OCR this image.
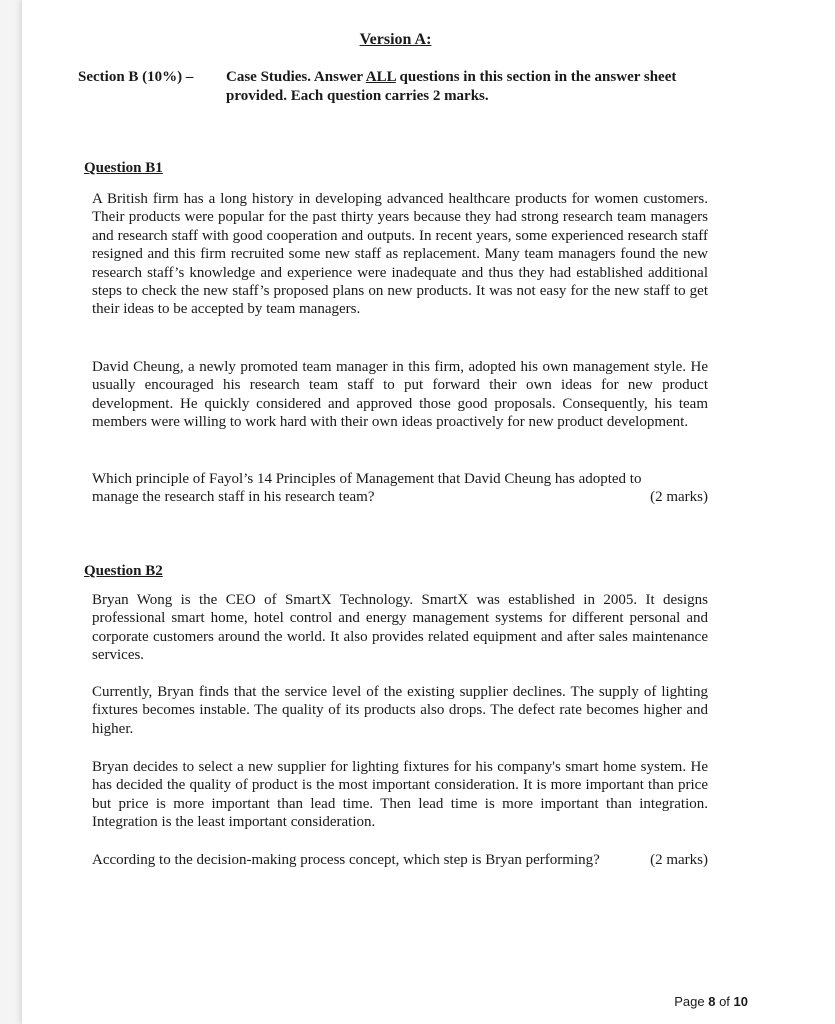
Version A:
Section B (10%) – Case Studies. Answer ALL questions in this section in the answer sheet provided. Each question carries 2 marks.
Question B1
A British firm has a long history in developing advanced healthcare products for women customers. Their products were popular for the past thirty years because they had strong research team managers and research staff with good cooperation and outputs. In recent years, some experienced research staff resigned and this firm recruited some new staff as replacement. Many team managers found the new research staff’s knowledge and experience were inadequate and thus they had established additional steps to check the new staff’s proposed plans on new products. It was not easy for the new staff to get their ideas to be accepted by team managers.
David Cheung, a newly promoted team manager in this firm, adopted his own management style. He usually encouraged his research team staff to put forward their own ideas for new product development. He quickly considered and approved those good proposals. Consequently, his team members were willing to work hard with their own ideas proactively for new product development.
Which principle of Fayol’s 14 Principles of Management that David Cheung has adopted to
manage the research staff in his research team?	(2 marks)
Question B2
Bryan Wong is the CEO of SmartX Technology. SmartX was established in 2005. It designs professional smart home, hotel control and energy management systems for different personal and corporate customers around the world. It also provides related equipment and after sales maintenance services.
Currently, Bryan finds that the service level of the existing supplier declines. The supply of lighting fixtures becomes instable. The quality of its products also drops. The defect rate becomes higher and higher.
Bryan decides to select a new supplier for lighting fixtures for his company's smart home system. He has decided the quality of product is the most important consideration. It is more important than price but price is more important than lead time. Then lead time is more important than integration. Integration is the least important consideration.
According to the decision-making process concept, which step is Bryan performing?	(2 marks)
Page 8 of 10
